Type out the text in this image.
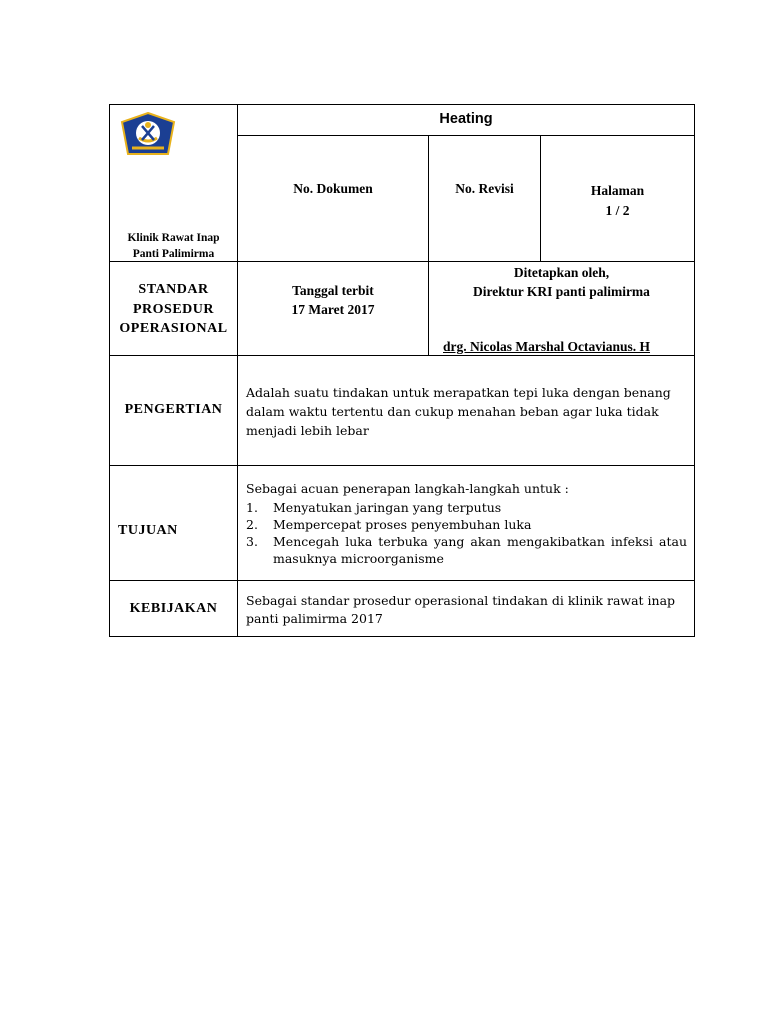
Klinik Rawat Inap
Panti Palimirma
Heating
No. Dokumen	No. Revisi	Halaman
1 / 2
STANDAR
PROSEDUR
OPERASIONAL
Tanggal terbit
17 Maret 2017
Ditetapkan oleh,
Direktur KRI panti palimirma
drg. Nicolas Marshal Octavianus. H
PENGERTIAN
Adalah suatu tindakan untuk merapatkan tepi luka dengan benang
dalam waktu tertentu dan cukup menahan beban agar luka tidak
menjadi lebih lebar
TUJUAN
Sebagai acuan penerapan langkah-langkah untuk :
1. Menyatukan jaringan yang terputus
2. Mempercepat proses penyembuhan luka
3. Mencegah luka terbuka yang akan mengakibatkan infeksi atau
masuknya microorganisme
KEBIJAKAN
Sebagai standar prosedur operasional tindakan di klinik rawat inap
panti palimirma 2017
